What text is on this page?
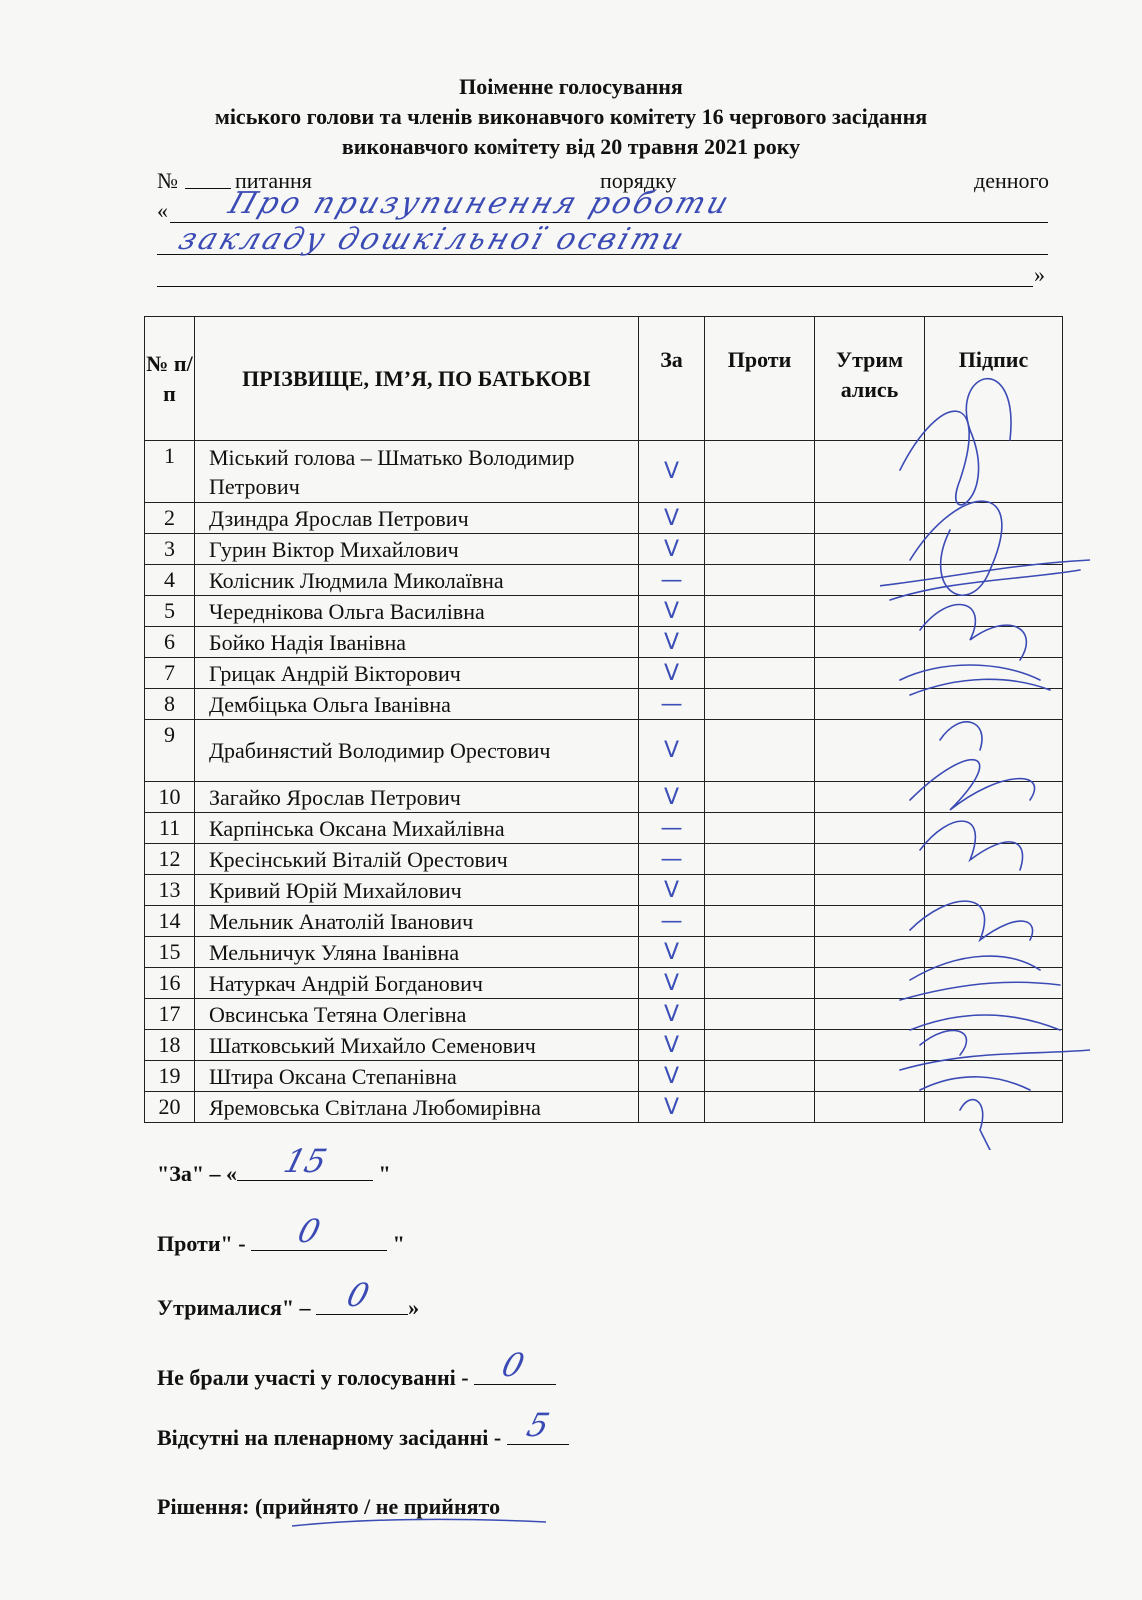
Поіменне голосування
міського голови та членів виконавчого комітету 16 чергового засідання
виконавчого комітету від 20 травня 2021 року
№	питання	порядку	денного
« Про призупинення роботи
закладу дошкільної освіти
»
№ п/п	ПРІЗВИЩЕ, ІМ’Я, ПО БАТЬКОВІ	За	Проти	Утрим ались	Підпис
1	Міський голова – Шматько Володимир Петрович	V			
2	Дзиндра Ярослав Петрович	V			
3	Гурин Віктор Михайлович	V			
4	Колісник Людмила Миколаївна	—			
5	Череднікова Ольга Василівна	V			
6	Бойко Надія Іванівна	V			
7	Грицак Андрій Вікторович	V			
8	Дембіцька Ольга Іванівна	—			
9	Драбинястий Володимир Орестович	V			
10	Загайко Ярослав Петрович	V			
11	Карпінська Оксана Михайлівна	—			
12	Кресінський Віталій Орестович	—			
13	Кривий Юрій Михайлович	V			
14	Мельник Анатолій Іванович	—			
15	Мельничук Уляна Іванівна	V			
16	Натуркач Андрій Богданович	V			
17	Овсинська Тетяна Олегівна	V			
18	Шатковський Михайло Семенович	V			
19	Штира Оксана Степанівна	V			
20	Яремовська Світлана Любомирівна	V			
"За" – « 15 "
Проти" - 0	"
Утрималися" – 0 »
Не брали участі у голосуванні - 0
Відсутні на пленарному засіданні - 5
Рішення: (прийнято / не прийнято
